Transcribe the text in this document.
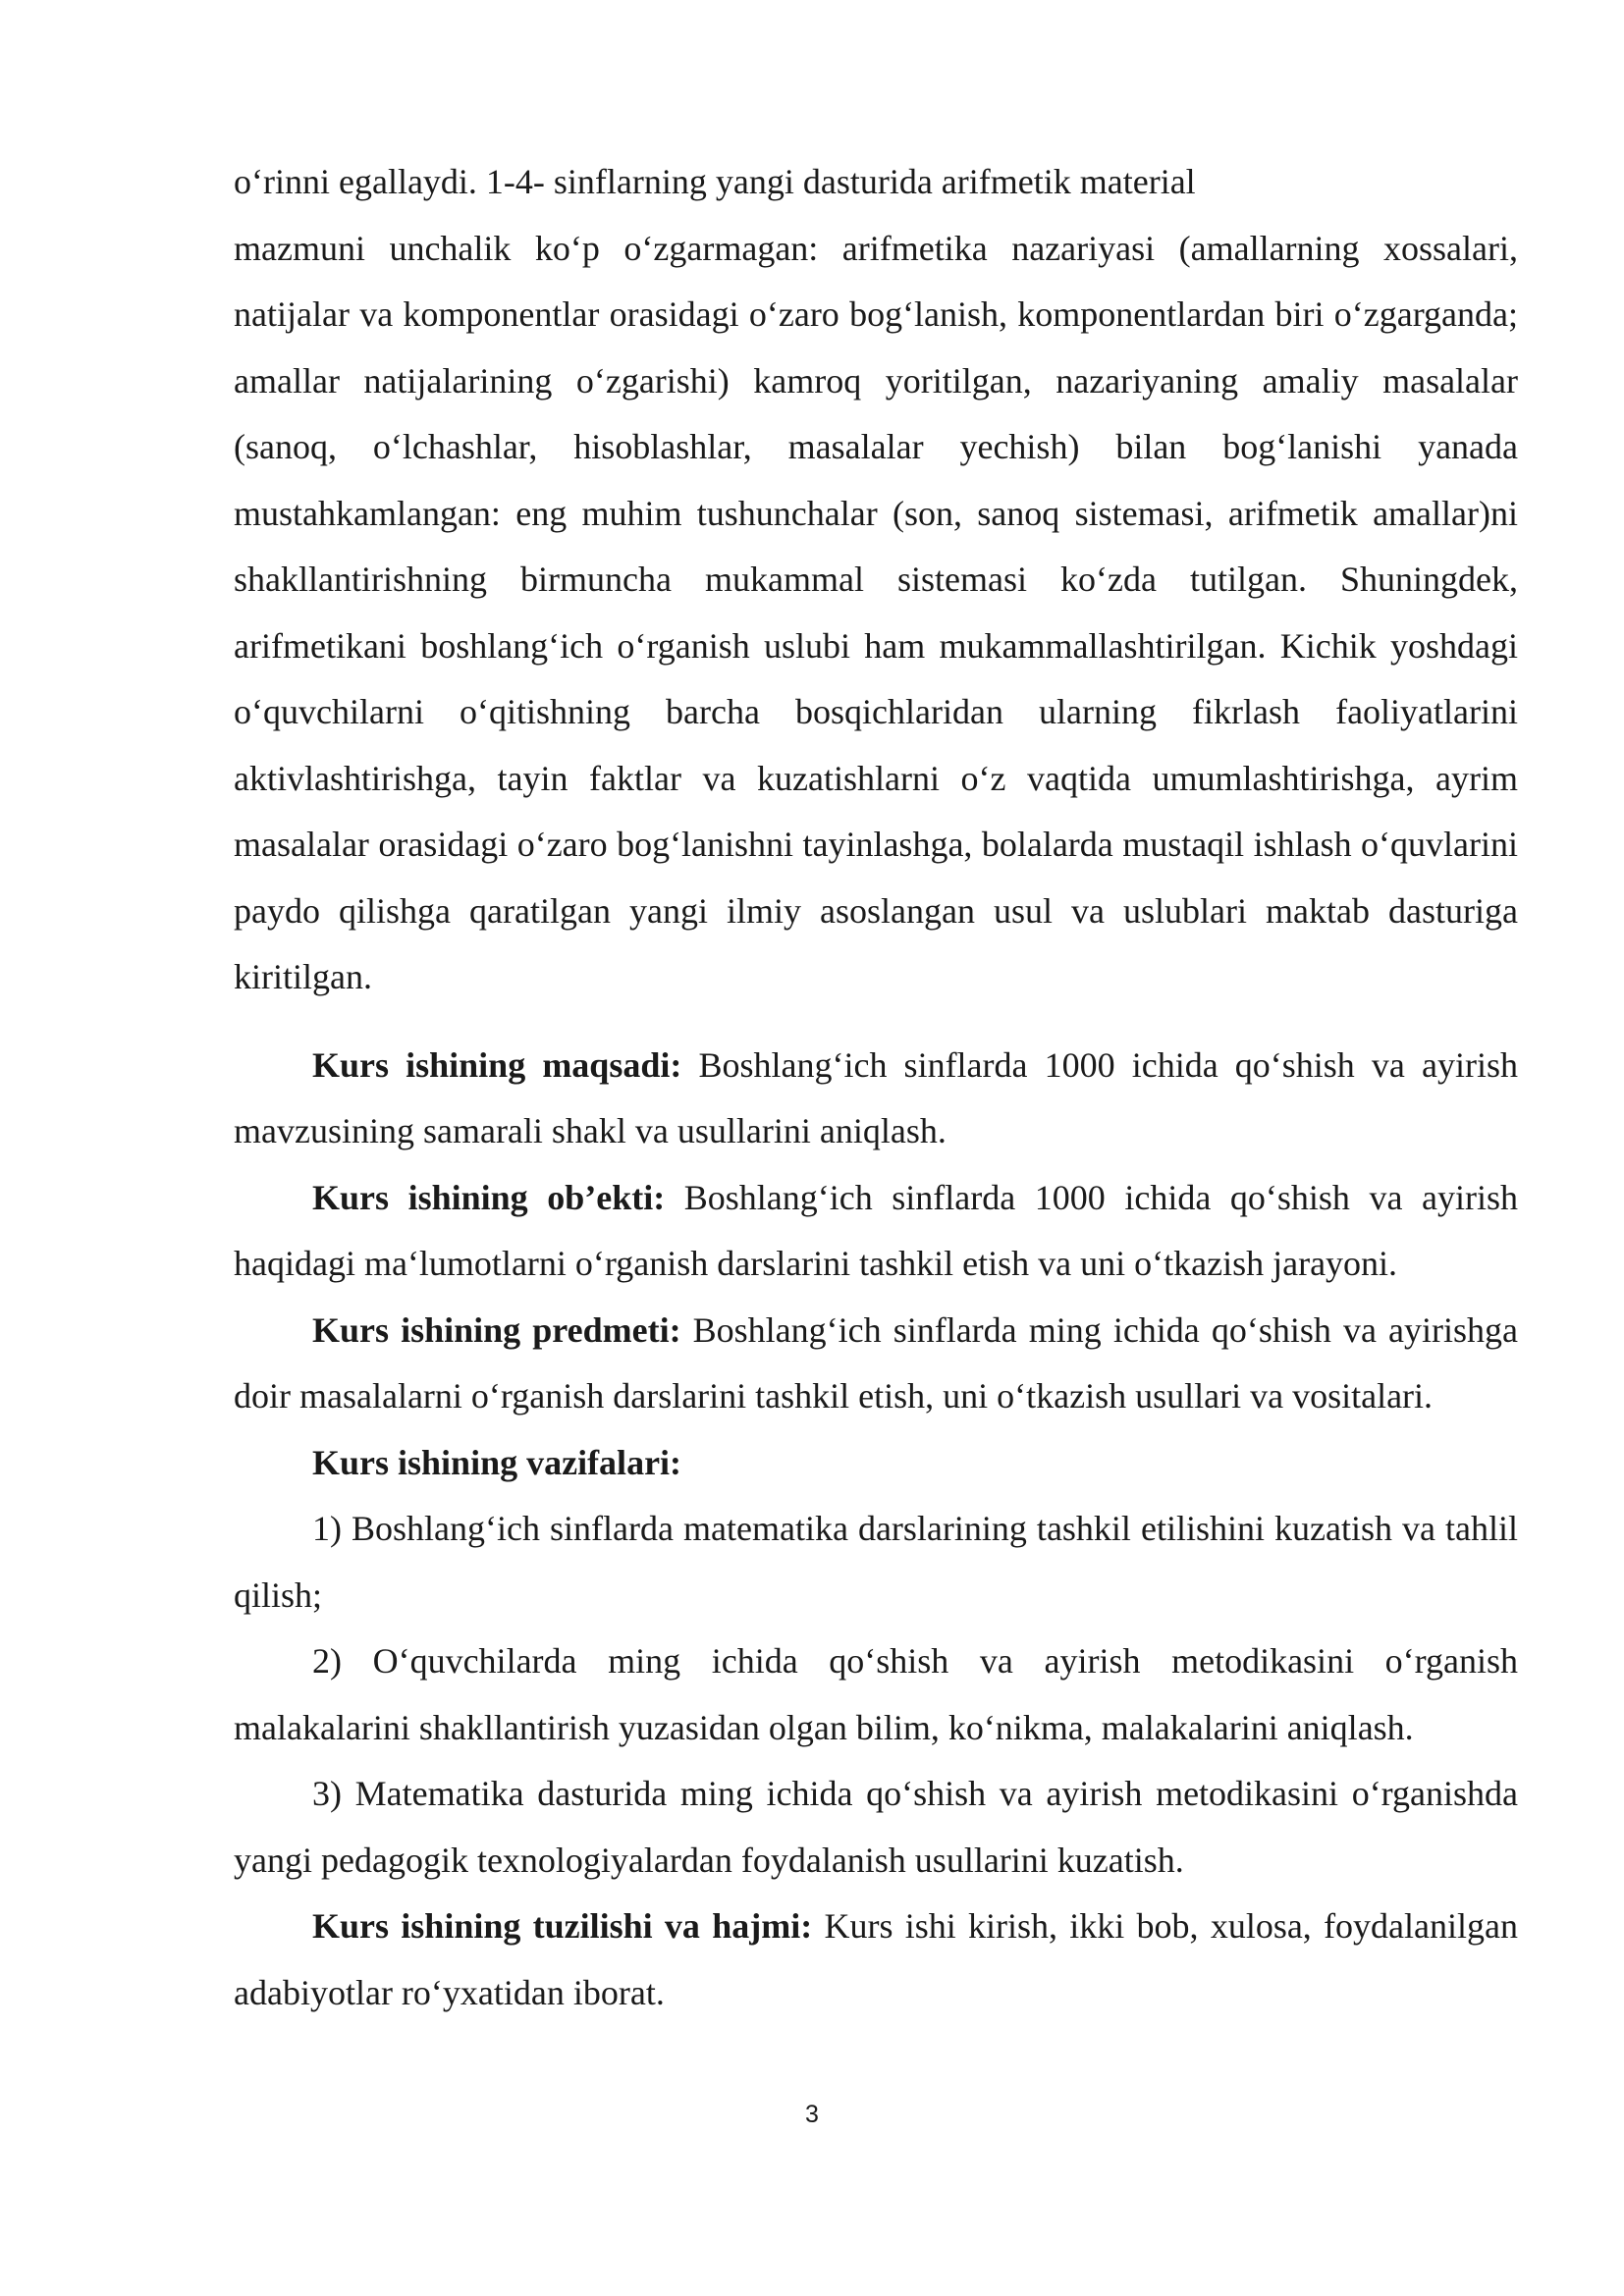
o‘rinni egallaydi. 1-4- sinflarning yangi dasturida arifmetik material

mazmuni unchalik ko‘p o‘zgarmagan: arifmetika nazariyasi (amallarning xossalari, natijalar va komponentlar orasidagi o‘zaro bog‘lanish, komponentlardan biri o‘zgarganda; amallar natijalarining o‘zgarishi) kamroq yoritilgan, nazariyaning amaliy masalalar (sanoq, o‘lchashlar, hisoblashlar, masalalar yechish) bilan bog‘lanishi yanada mustahkamlangan: eng muhim tushunchalar (son, sanoq sistemasi, arifmetik amallar)ni shakllantirishning birmuncha mukammal sistemasi ko‘zda tutilgan. Shuningdek, arifmetikani boshlang‘ich o‘rganish uslubi ham mukammallashtirilgan. Kichik yoshdagi o‘quvchilarni o‘qitishning barcha bosqichlaridan ularning fikrlash faoliyatlarini aktivlashtirishga, tayin faktlar va kuzatishlarni o‘z vaqtida umumlashtirishga, ayrim masalalar orasidagi o‘zaro bog‘lanishni tayinlashga, bolalarda mustaqil ishlash o‘quvlarini paydo qilishga qaratilgan yangi ilmiy asoslangan usul va uslublari maktab dasturiga kiritilgan.

Kurs ishining maqsadi: Boshlang‘ich sinflarda 1000 ichida qo‘shish va ayirish mavzusining samarali shakl va usullarini aniqlash.

Kurs ishining ob’ekti: Boshlang‘ich sinflarda 1000 ichida qo‘shish va ayirish haqidagi ma‘lumotlarni o‘rganish darslarini tashkil etish va uni o‘tkazish jarayoni.

Kurs ishining predmeti: Boshlang‘ich sinflarda ming ichida qo‘shish va ayirishga doir masalalarni o‘rganish darslarini tashkil etish, uni o‘tkazish usullari va vositalari.

Kurs ishining vazifalari:

1) Boshlang‘ich sinflarda matematika darslarining tashkil etilishini kuzatish va tahlil qilish;

2) O‘quvchilarda ming ichida qo‘shish va ayirish metodikasini o‘rganish malakalarini shakllantirish yuzasidan olgan bilim, ko‘nikma, malakalarini aniqlash.

3) Matematika dasturida ming ichida qo‘shish va ayirish metodikasini o‘rganishda yangi pedagogik texnologiyalardan foydalanish usullarini kuzatish.

Kurs ishining tuzilishi va hajmi: Kurs ishi kirish, ikki bob, xulosa, foydalanilgan adabiyotlar ro‘yxatidan iborat.

3
